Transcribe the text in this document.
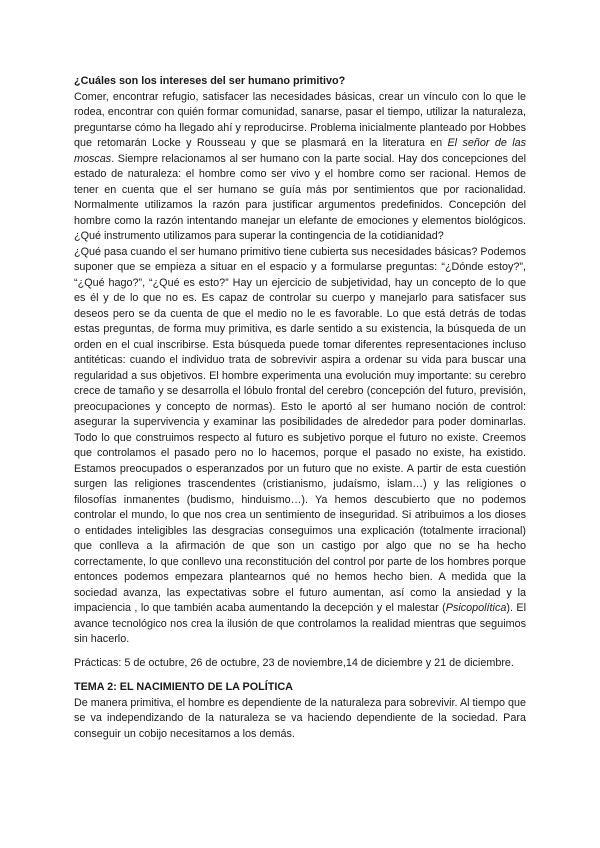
¿Cuáles son los intereses del ser humano primitivo?

Comer, encontrar refugio, satisfacer las necesidades básicas, crear un vínculo con lo que le rodea, encontrar con quién formar comunidad, sanarse, pasar el tiempo, utilizar la naturaleza, preguntarse cómo ha llegado ahí y reproducirse. Problema inicialmente planteado por Hobbes que retomarán Locke y Rousseau y que se plasmará en la literatura en El señor de las moscas. Siempre relacionamos al ser humano con la parte social. Hay dos concepciones del estado de naturaleza: el hombre como ser vivo y el hombre como ser racional. Hemos de tener en cuenta que el ser humano se guía más por sentimientos que por racionalidad. Normalmente utilizamos la razón para justificar argumentos predefinidos. Concepción del hombre como la razón intentando manejar un elefante de emociones y elementos biológicos. ¿Qué instrumento utilizamos para superar la contingencia de la cotidianidad?

¿Qué pasa cuando el ser humano primitivo tiene cubierta sus necesidades básicas? Podemos suponer que se empieza a situar en el espacio y a formularse preguntas: “¿Dónde estoy?”, “¿Qué hago?”, “¿Qué es esto?” Hay un ejercicio de subjetividad, hay un concepto de lo que es él y de lo que no es. Es capaz de controlar su cuerpo y manejarlo para satisfacer sus deseos pero se da cuenta de que el medio no le es favorable. Lo que está detrás de todas estas preguntas, de forma muy primitiva, es darle sentido a su existencia, la búsqueda de un orden en el cual inscribirse. Esta búsqueda puede tomar diferentes representaciones incluso antitéticas: cuando el individuo trata de sobrevivir aspira a ordenar su vida para buscar una regularidad a sus objetivos. El hombre experimenta una evolución muy importante: su cerebro crece de tamaño y se desarrolla el lóbulo frontal del cerebro (concepción del futuro, previsión, preocupaciones y concepto de normas). Esto le aportó al ser humano noción de control: asegurar la supervivencia y examinar las posibilidades de alrededor para poder dominarlas. Todo lo que construimos respecto al futuro es subjetivo porque el futuro no existe. Creemos que controlamos el pasado pero no lo hacemos, porque el pasado no existe, ha existido. Estamos preocupados o esperanzados por un futuro que no existe. A partir de esta cuestión surgen las religiones trascendentes (cristianismo, judaísmo, islam…) y las religiones o filosofías inmanentes (budismo, hinduismo…). Ya hemos descubierto que no podemos controlar el mundo, lo que nos crea un sentimiento de inseguridad. Si atribuimos a los dioses o entidades inteligibles las desgracias conseguimos una explicación (totalmente irracional) que conlleva a la afirmación de que son un castigo por algo que no se ha hecho correctamente, lo que conllevo una reconstitución del control por parte de los hombres porque entonces podemos empezara plantearnos qué no hemos hecho bien. A medida que la sociedad avanza, las expectativas sobre el futuro aumentan, así como la ansiedad y la impaciencia , lo que también acaba aumentando la decepción y el malestar (Psicopolítica). El avance tecnológico nos crea la ilusión de que controlamos la realidad mientras que seguimos sin hacerlo.

Prácticas: 5 de octubre, 26 de octubre, 23 de noviembre,14 de diciembre y 21 de diciembre.

TEMA 2: EL NACIMIENTO DE LA POLÍTICA

De manera primitiva, el hombre es dependiente de la naturaleza para sobrevivir. Al tiempo que se va independizando de la naturaleza se va haciendo dependiente de la sociedad. Para conseguir un cobijo necesitamos a los demás.
